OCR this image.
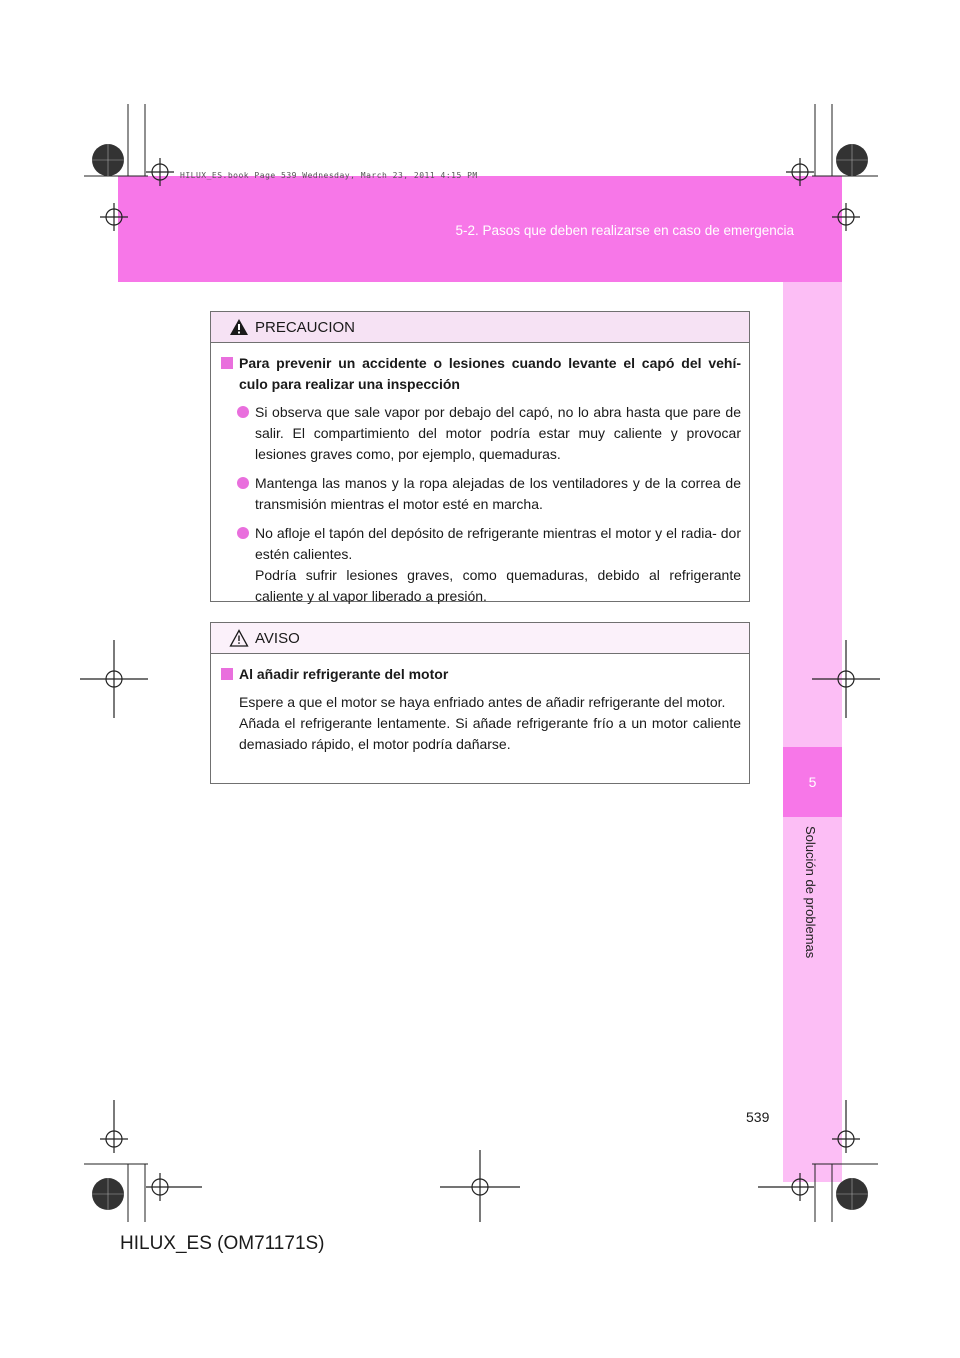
HILUX_ES.book Page 539 Wednesday, March 23, 2011 4:15 PM
5-2. Pasos que deben realizarse en caso de emergencia
5
Solución de problemas
PRECAUCION
Para prevenir un accidente o lesiones cuando levante el capó del vehí- culo para realizar una inspección
Si observa que sale vapor por debajo del capó, no lo abra hasta que pare de salir. El compartimiento del motor podría estar muy caliente y provocar lesiones graves como, por ejemplo, quemaduras.
Mantenga las manos y la ropa alejadas de los ventiladores y de la correa de transmisión mientras el motor esté en marcha.
No afloje el tapón del depósito de refrigerante mientras el motor y el radia- dor estén calientes.
Podría sufrir lesiones graves, como quemaduras, debido al refrigerante caliente y al vapor liberado a presión.
AVISO
Al añadir refrigerante del motor
Espere a que el motor se haya enfriado antes de añadir refrigerante del motor.
Añada el refrigerante lentamente. Si añade refrigerante frío a un motor caliente demasiado rápido, el motor podría dañarse.
539
HILUX_ES (OM71171S)
